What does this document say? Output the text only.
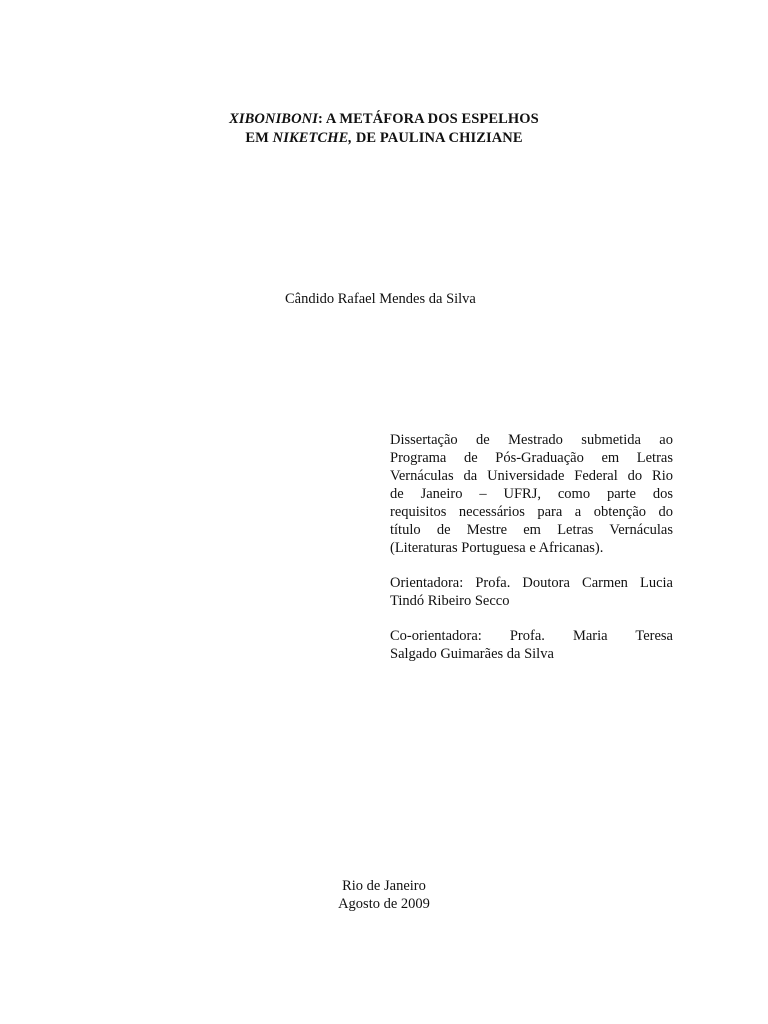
XIBONIBONI: A METÁFORA DOS ESPELHOS
EM NIKETCHE, DE PAULINA CHIZIANE
Cândido Rafael Mendes da Silva
Dissertação de Mestrado submetida ao
Programa de Pós-Graduação em Letras
Vernáculas da Universidade Federal do Rio
de Janeiro – UFRJ, como parte dos
requisitos necessários para a obtenção do
título de Mestre em Letras Vernáculas
(Literaturas Portuguesa e Africanas).
Orientadora: Profa. Doutora Carmen Lucia
Tindó Ribeiro Secco
Co-orientadora: Profa. Maria Teresa
Salgado Guimarães da Silva
Rio de Janeiro
Agosto de 2009
